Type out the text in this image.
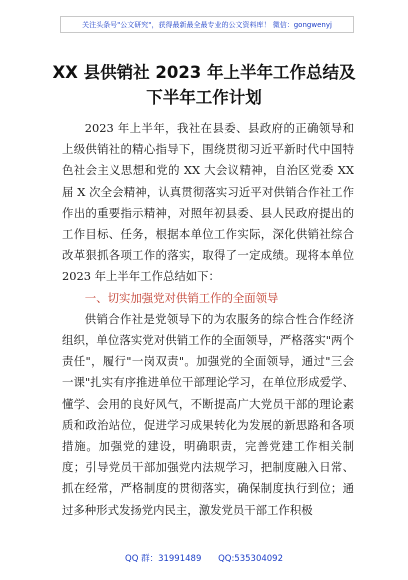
关注头条号"公文研究"，获得最新最全最专业的公文资料库！ 微信：gongwenyj
XX 县供销社 2023 年上半年工作总结及
下半年工作计划

2023 年上半年，我社在县委、县政府的正确领导和上级供销社的精心指导下，围绕贯彻习近平新时代中国特色社会主义思想和党的 XX 大会议精神，自治区党委 XX 届 X 次全会精神，认真贯彻落实习近平对供销合作社工作作出的重要指示精神，对照年初县委、县人民政府提出的工作目标、任务，根据本单位工作实际，深化供销社综合改革狠抓各项工作的落实，取得了一定成绩。现将本单位 2023 年上半年工作总结如下：

一、切实加强党对供销工作的全面领导

供销合作社是党领导下的为农服务的综合性合作经济组织，单位落实党对供销工作的全面领导，严格落实"两个责任"，履行"一岗双责"。加强党的全面领导，通过"三会一课"扎实有序推进单位干部理论学习，在单位形成爱学、懂学、会用的良好风气，不断提高广大党员干部的理论素质和政治站位，促进学习成果转化为发展的新思路和各项措施。加强党的建设，明确职责，完善党建工作相关制度；引导党员干部加强党内法规学习，把制度融入日常、抓在经常，严格制度的贯彻落实，确保制度执行到位；通过多种形式发扬党内民主，激发党员干部工作积极

QQ 群：31991489 QQ:535304092
